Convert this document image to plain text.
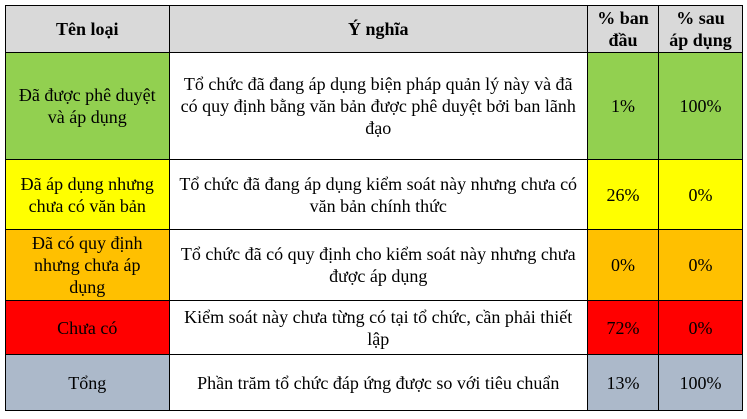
Tên loại	Ý nghĩa	% ban đầu	% sau áp dụng
Đã được phê duyệt và áp dụng	Tổ chức đã đang áp dụng biện pháp quản lý này và đã có quy định bằng văn bản được phê duyệt bởi ban lãnh đạo	1%	100%
Đã áp dụng nhưng chưa có văn bản	Tổ chức đã đang áp dụng kiểm soát này nhưng chưa có văn bản chính thức	26%	0%
Đã có quy định nhưng chưa áp dụng	Tổ chức đã có quy định cho kiểm soát này nhưng chưa được áp dụng	0%	0%
Chưa có	Kiểm soát này chưa từng có tại tổ chức, cần phải thiết lập	72%	0%
Tổng	Phần trăm tổ chức đáp ứng được so với tiêu chuẩn	13%	100%
